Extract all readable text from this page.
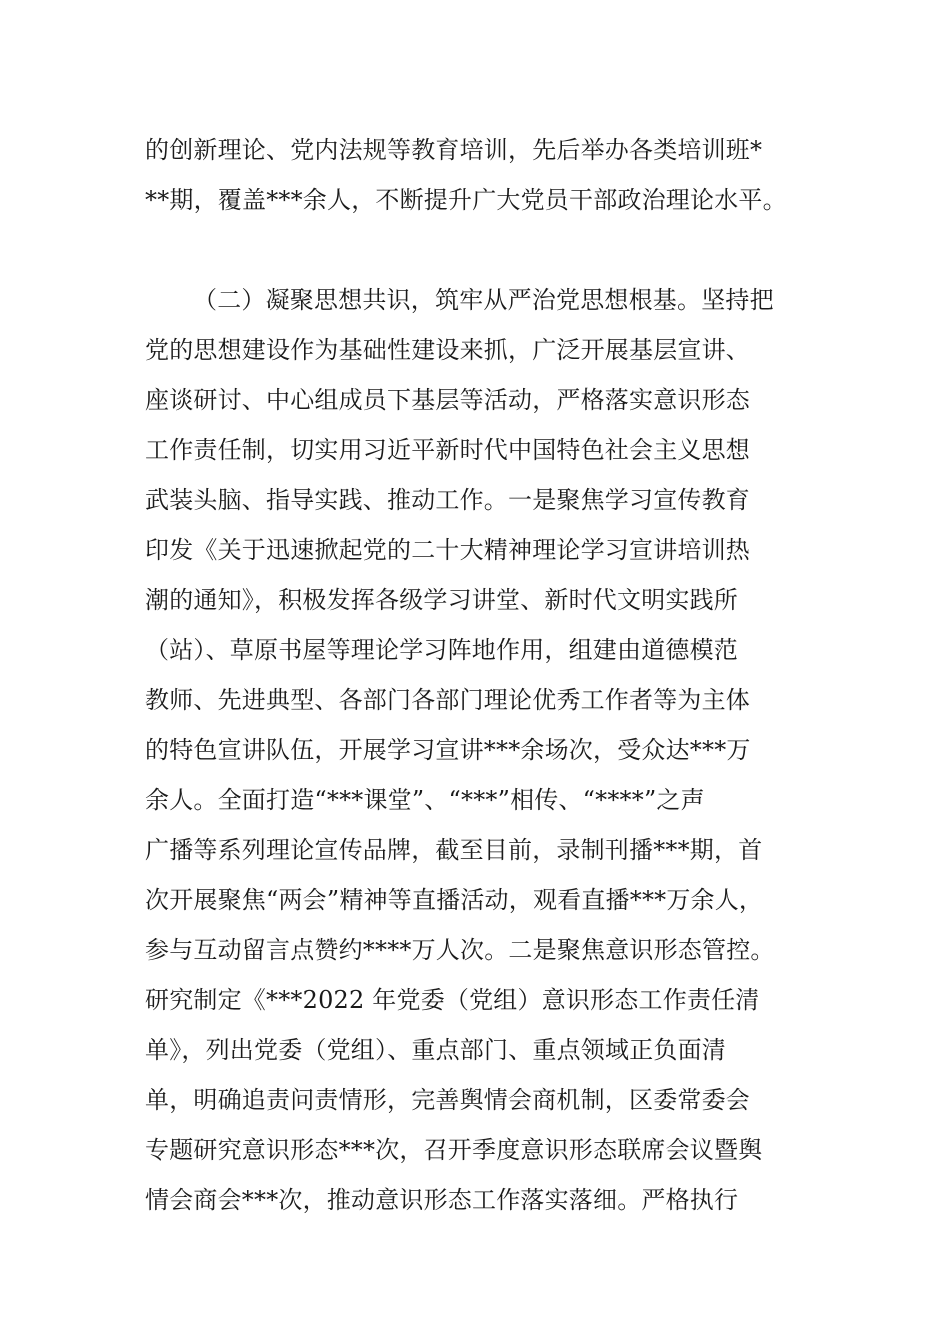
的创新理论、党内法规等教育培训，先后举办各类培训班*
**期，覆盖***余人，不断提升广大党员干部政治理论水平。
（二）凝聚思想共识，筑牢从严治党思想根基。坚持把
党的思想建设作为基础性建设来抓，广泛开展基层宣讲、
座谈研讨、中心组成员下基层等活动，严格落实意识形态
工作责任制，切实用习近平新时代中国特色社会主义思想
武装头脑、指导实践、推动工作。一是聚焦学习宣传教育
印发《关于迅速掀起党的二十大精神理论学习宣讲培训热
潮的通知》，积极发挥各级学习讲堂、新时代文明实践所
（站）、草原书屋等理论学习阵地作用，组建由道德模范
教师、先进典型、各部门各部门理论优秀工作者等为主体
的特色宣讲队伍，开展学习宣讲***余场次，受众达***万
余人。全面打造“***课堂”、“***”相传、“****”之声
广播等系列理论宣传品牌，截至目前，录制刊播***期，首
次开展聚焦“两会”精神等直播活动，观看直播***万余人，
参与互动留言点赞约****万人次。二是聚焦意识形态管控。
研究制定《***2022 年党委（党组）意识形态工作责任清
单》，列出党委（党组）、重点部门、重点领域正负面清
单，明确追责问责情形，完善舆情会商机制，区委常委会
专题研究意识形态***次，召开季度意识形态联席会议暨舆
情会商会***次，推动意识形态工作落实落细。严格执行
